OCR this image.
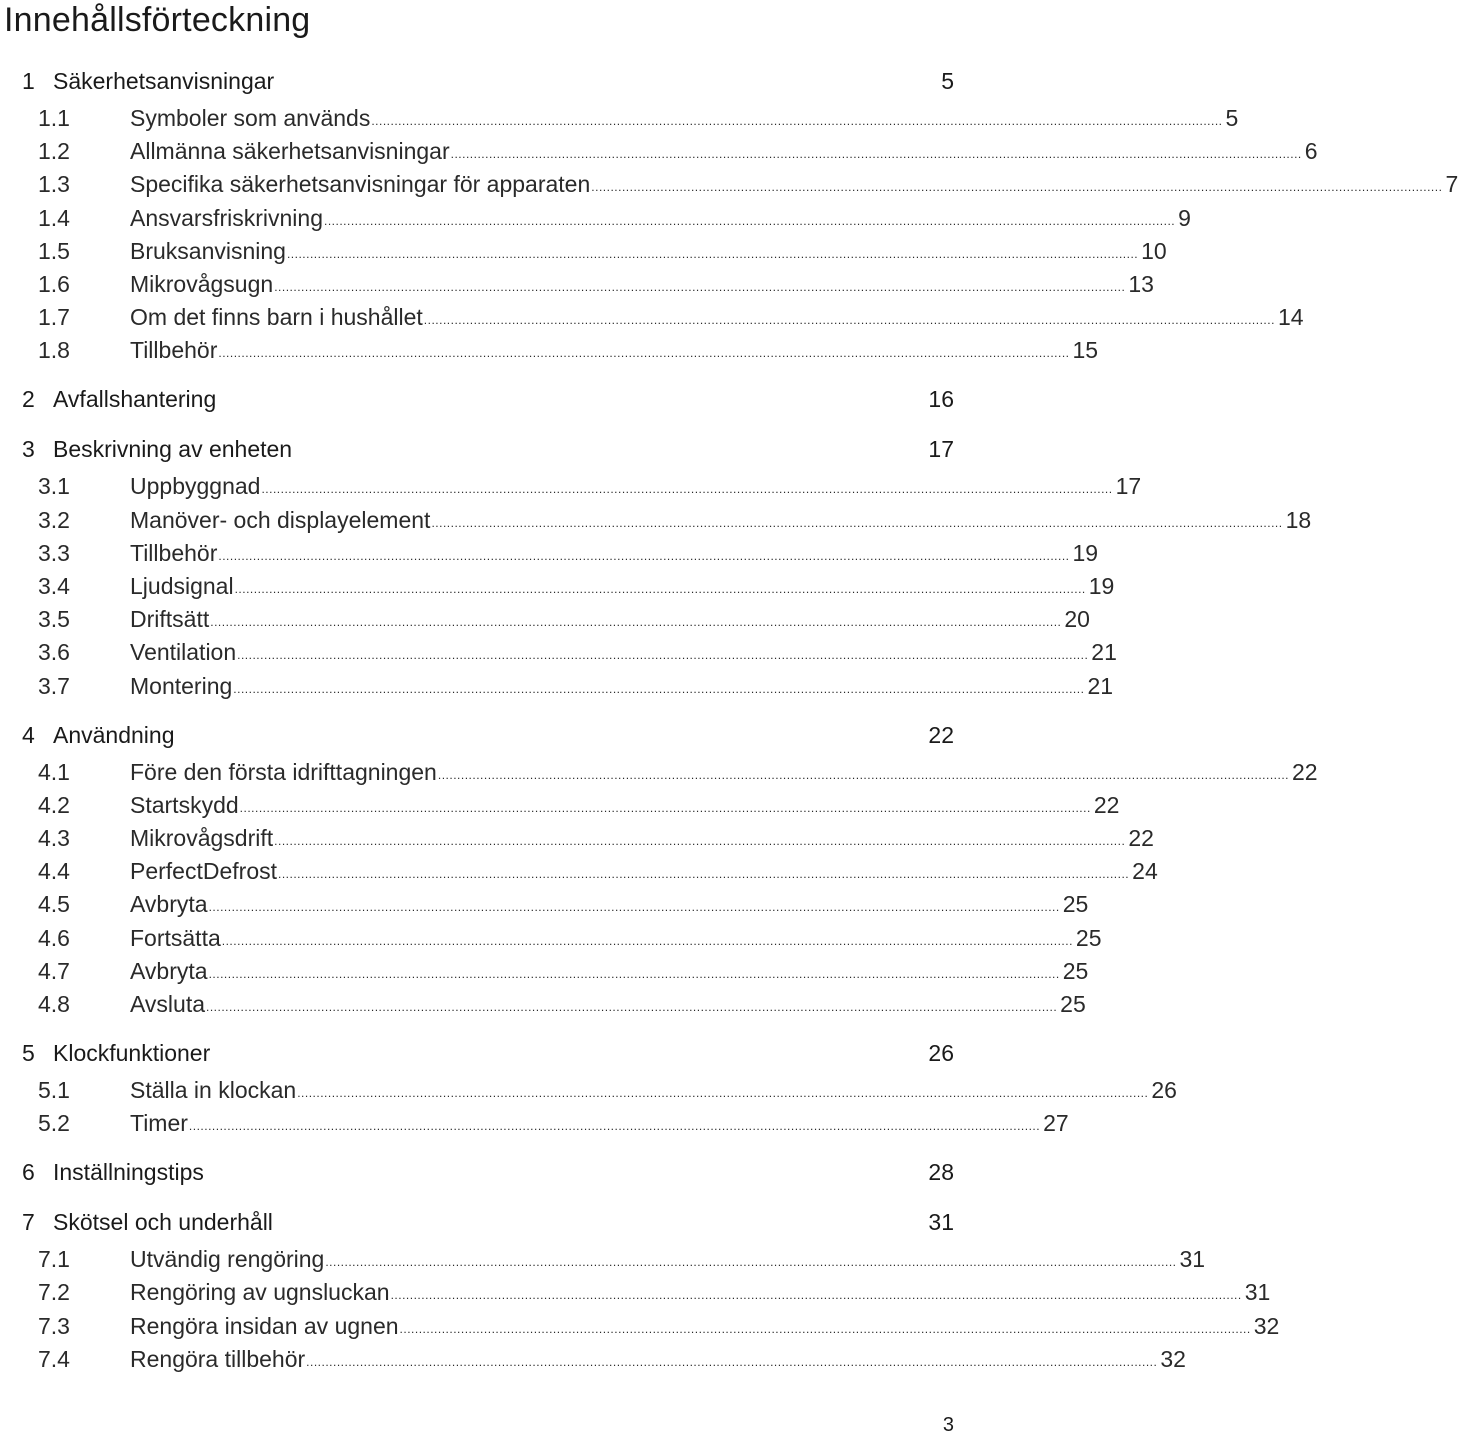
Innehållsförteckning
1 Säkerhetsanvisningar	5
1.1	Symboler som används .............................................................................................................................................................................................................................. 5
1.2	Allmänna säkerhetsanvisningar .............................................................................................................................................................................................................................. 6
1.3	Specifika säkerhetsanvisningar för apparaten .............................................................................................................................................................................................................................. 7
1.4	Ansvarsfriskrivning .............................................................................................................................................................................................................................. 9
1.5	Bruksanvisning .............................................................................................................................................................................................................................. 10
1.6	Mikrovågsugn .............................................................................................................................................................................................................................. 13
1.7	Om det finns barn i hushållet .............................................................................................................................................................................................................................. 14
1.8	Tillbehör .............................................................................................................................................................................................................................. 15
2 Avfallshantering	16
3 Beskrivning av enheten	17
3.1	Uppbyggnad .............................................................................................................................................................................................................................. 17
3.2	Manöver- och displayelement .............................................................................................................................................................................................................................. 18
3.3	Tillbehör .............................................................................................................................................................................................................................. 19
3.4	Ljudsignal .............................................................................................................................................................................................................................. 19
3.5	Driftsätt .............................................................................................................................................................................................................................. 20
3.6	Ventilation .............................................................................................................................................................................................................................. 21
3.7	Montering .............................................................................................................................................................................................................................. 21
4 Användning	22
4.1	Före den första idrifttagningen .............................................................................................................................................................................................................................. 22
4.2	Startskydd .............................................................................................................................................................................................................................. 22
4.3	Mikrovågsdrift .............................................................................................................................................................................................................................. 22
4.4	PerfectDefrost .............................................................................................................................................................................................................................. 24
4.5	Avbryta .............................................................................................................................................................................................................................. 25
4.6	Fortsätta .............................................................................................................................................................................................................................. 25
4.7	Avbryta .............................................................................................................................................................................................................................. 25
4.8	Avsluta .............................................................................................................................................................................................................................. 25
5 Klockfunktioner	26
5.1	Ställa in klockan .............................................................................................................................................................................................................................. 26
5.2	Timer .............................................................................................................................................................................................................................. 27
6 Inställningstips	28
7 Skötsel och underhåll	31
7.1	Utvändig rengöring .............................................................................................................................................................................................................................. 31
7.2	Rengöring av ugnsluckan .............................................................................................................................................................................................................................. 31
7.3	Rengöra insidan av ugnen .............................................................................................................................................................................................................................. 32
7.4	Rengöra tillbehör .............................................................................................................................................................................................................................. 32
3
